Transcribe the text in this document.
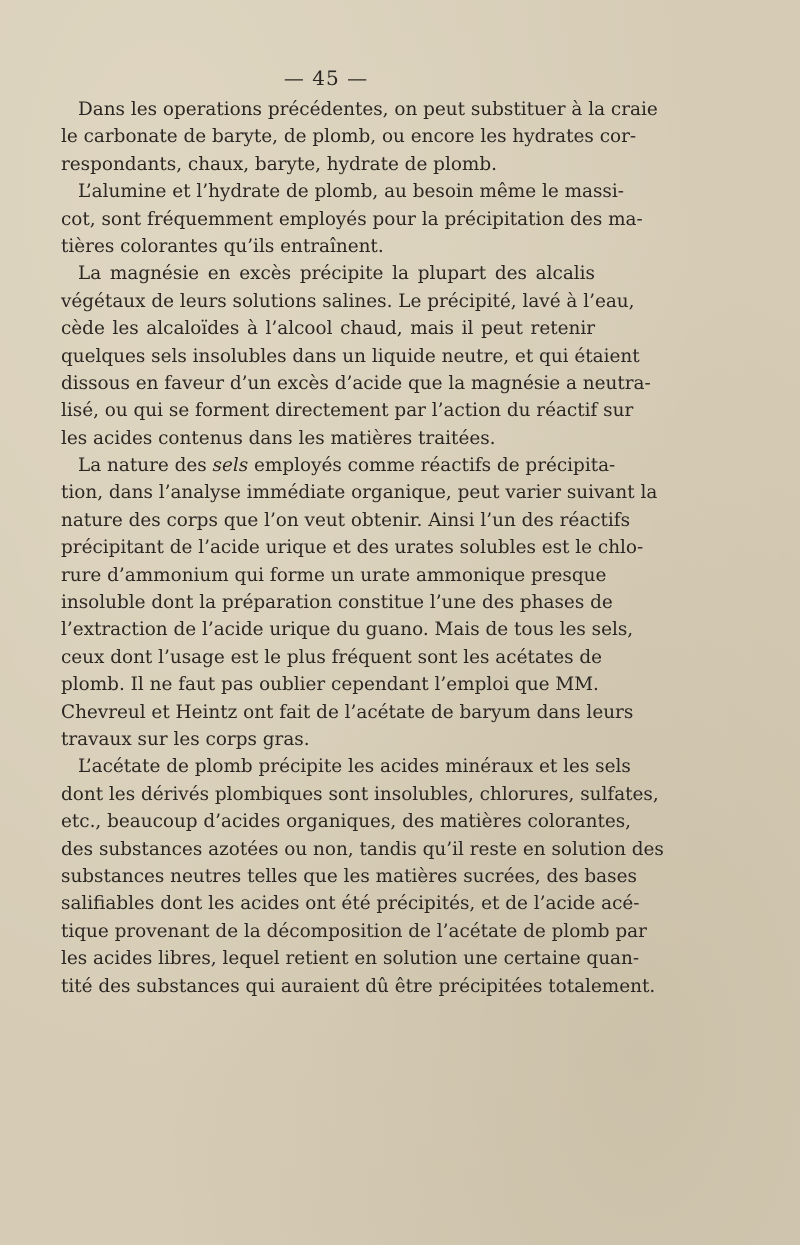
— 45 —
Dans les operations précédentes, on peut substituer à la craie
le carbonate de baryte, de plomb, ou encore les hydrates cor-
respondants, chaux, baryte, hydrate de plomb.
L’alumine et l’hydrate de plomb, au besoin même le massi-
cot, sont fréquemment employés pour la précipitation des ma-
tières colorantes qu’ils entraînent.
La magnésie en excès précipite la plupart des alcalis
végétaux de leurs solutions salines. Le précipité, lavé à l’eau,
cède les alcaloïdes à l’alcool chaud, mais il peut retenir
quelques sels insolubles dans un liquide neutre, et qui étaient
dissous en faveur d’un excès d’acide que la magnésie a neutra-
lisé, ou qui se forment directement par l’action du réactif sur
les acides contenus dans les matières traitées.
La nature des sels employés comme réactifs de précipita-
tion, dans l’analyse immédiate organique, peut varier suivant la
nature des corps que l’on veut obtenir. Ainsi l’un des réactifs
précipitant de l’acide urique et des urates solubles est le chlo-
rure d’ammonium qui forme un urate ammonique presque
insoluble dont la préparation constitue l’une des phases de
l’extraction de l’acide urique du guano. Mais de tous les sels,
ceux dont l’usage est le plus fréquent sont les acétates de
plomb. Il ne faut pas oublier cependant l’emploi que MM.
Chevreul et Heintz ont fait de l’acétate de baryum dans leurs
travaux sur les corps gras.
L’acétate de plomb précipite les acides minéraux et les sels
dont les dérivés plombiques sont insolubles, chlorures, sulfates,
etc., beaucoup d’acides organiques, des matières colorantes,
des substances azotées ou non, tandis qu’il reste en solution des
substances neutres telles que les matières sucrées, des bases
salifiables dont les acides ont été précipités, et de l’acide acé-
tique provenant de la décomposition de l’acétate de plomb par
les acides libres, lequel retient en solution une certaine quan-
tité des substances qui auraient dû être précipitées totalement.
